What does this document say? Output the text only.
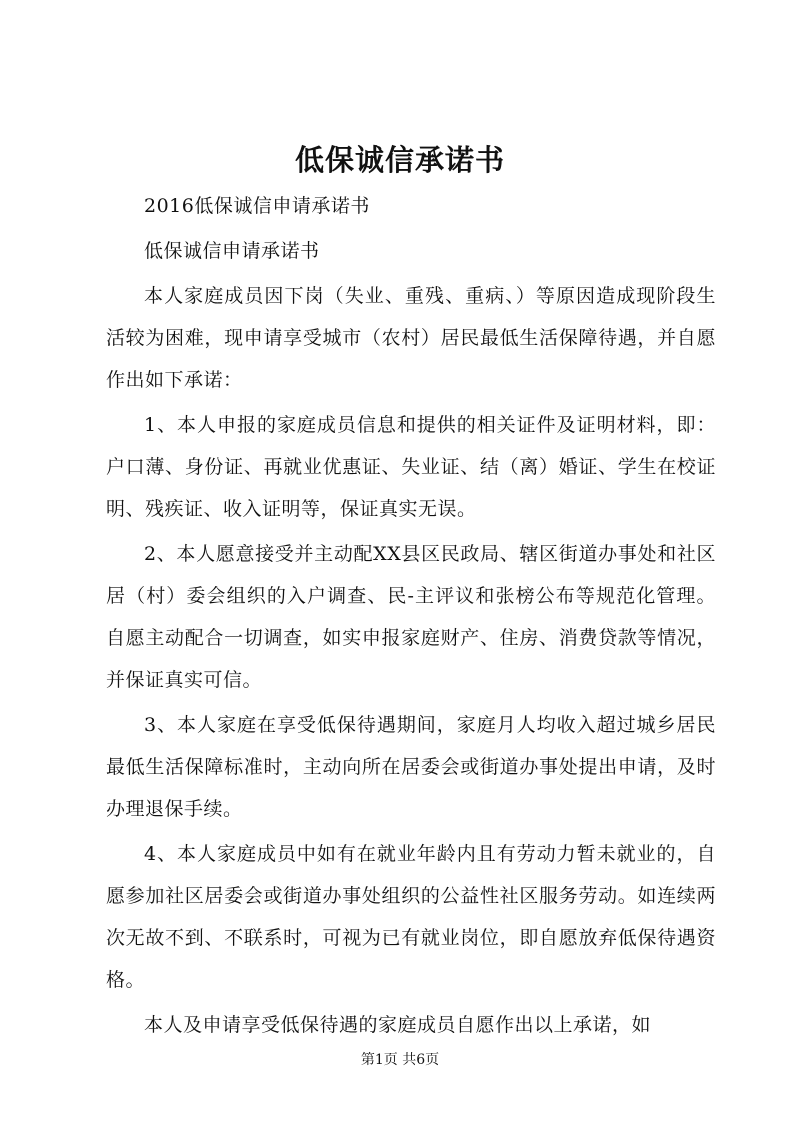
低保诚信承诺书

2016低保诚信申请承诺书

低保诚信申请承诺书

本人家庭成员因下岗（失业、重残、重病、）等原因造成现阶段生活较为困难，现申请享受城市（农村）居民最低生活保障待遇，并自愿作出如下承诺：

1、本人申报的家庭成员信息和提供的相关证件及证明材料，即：户口薄、身份证、再就业优惠证、失业证、结（离）婚证、学生在校证明、残疾证、收入证明等，保证真实无误。

2、本人愿意接受并主动配XX县区民政局、辖区街道办事处和社区居（村）委会组织的入户调查、民-主评议和张榜公布等规范化管理。自愿主动配合一切调查，如实申报家庭财产、住房、消费贷款等情况，并保证真实可信。

3、本人家庭在享受低保待遇期间，家庭月人均收入超过城乡居民最低生活保障标准时，主动向所在居委会或街道办事处提出申请，及时办理退保手续。

4、本人家庭成员中如有在就业年龄内且有劳动力暂未就业的，自愿参加社区居委会或街道办事处组织的公益性社区服务劳动。如连续两次无故不到、不联系时，可视为已有就业岗位，即自愿放弃低保待遇资格。

本人及申请享受低保待遇的家庭成员自愿作出以上承诺，如

第1页 共6页
